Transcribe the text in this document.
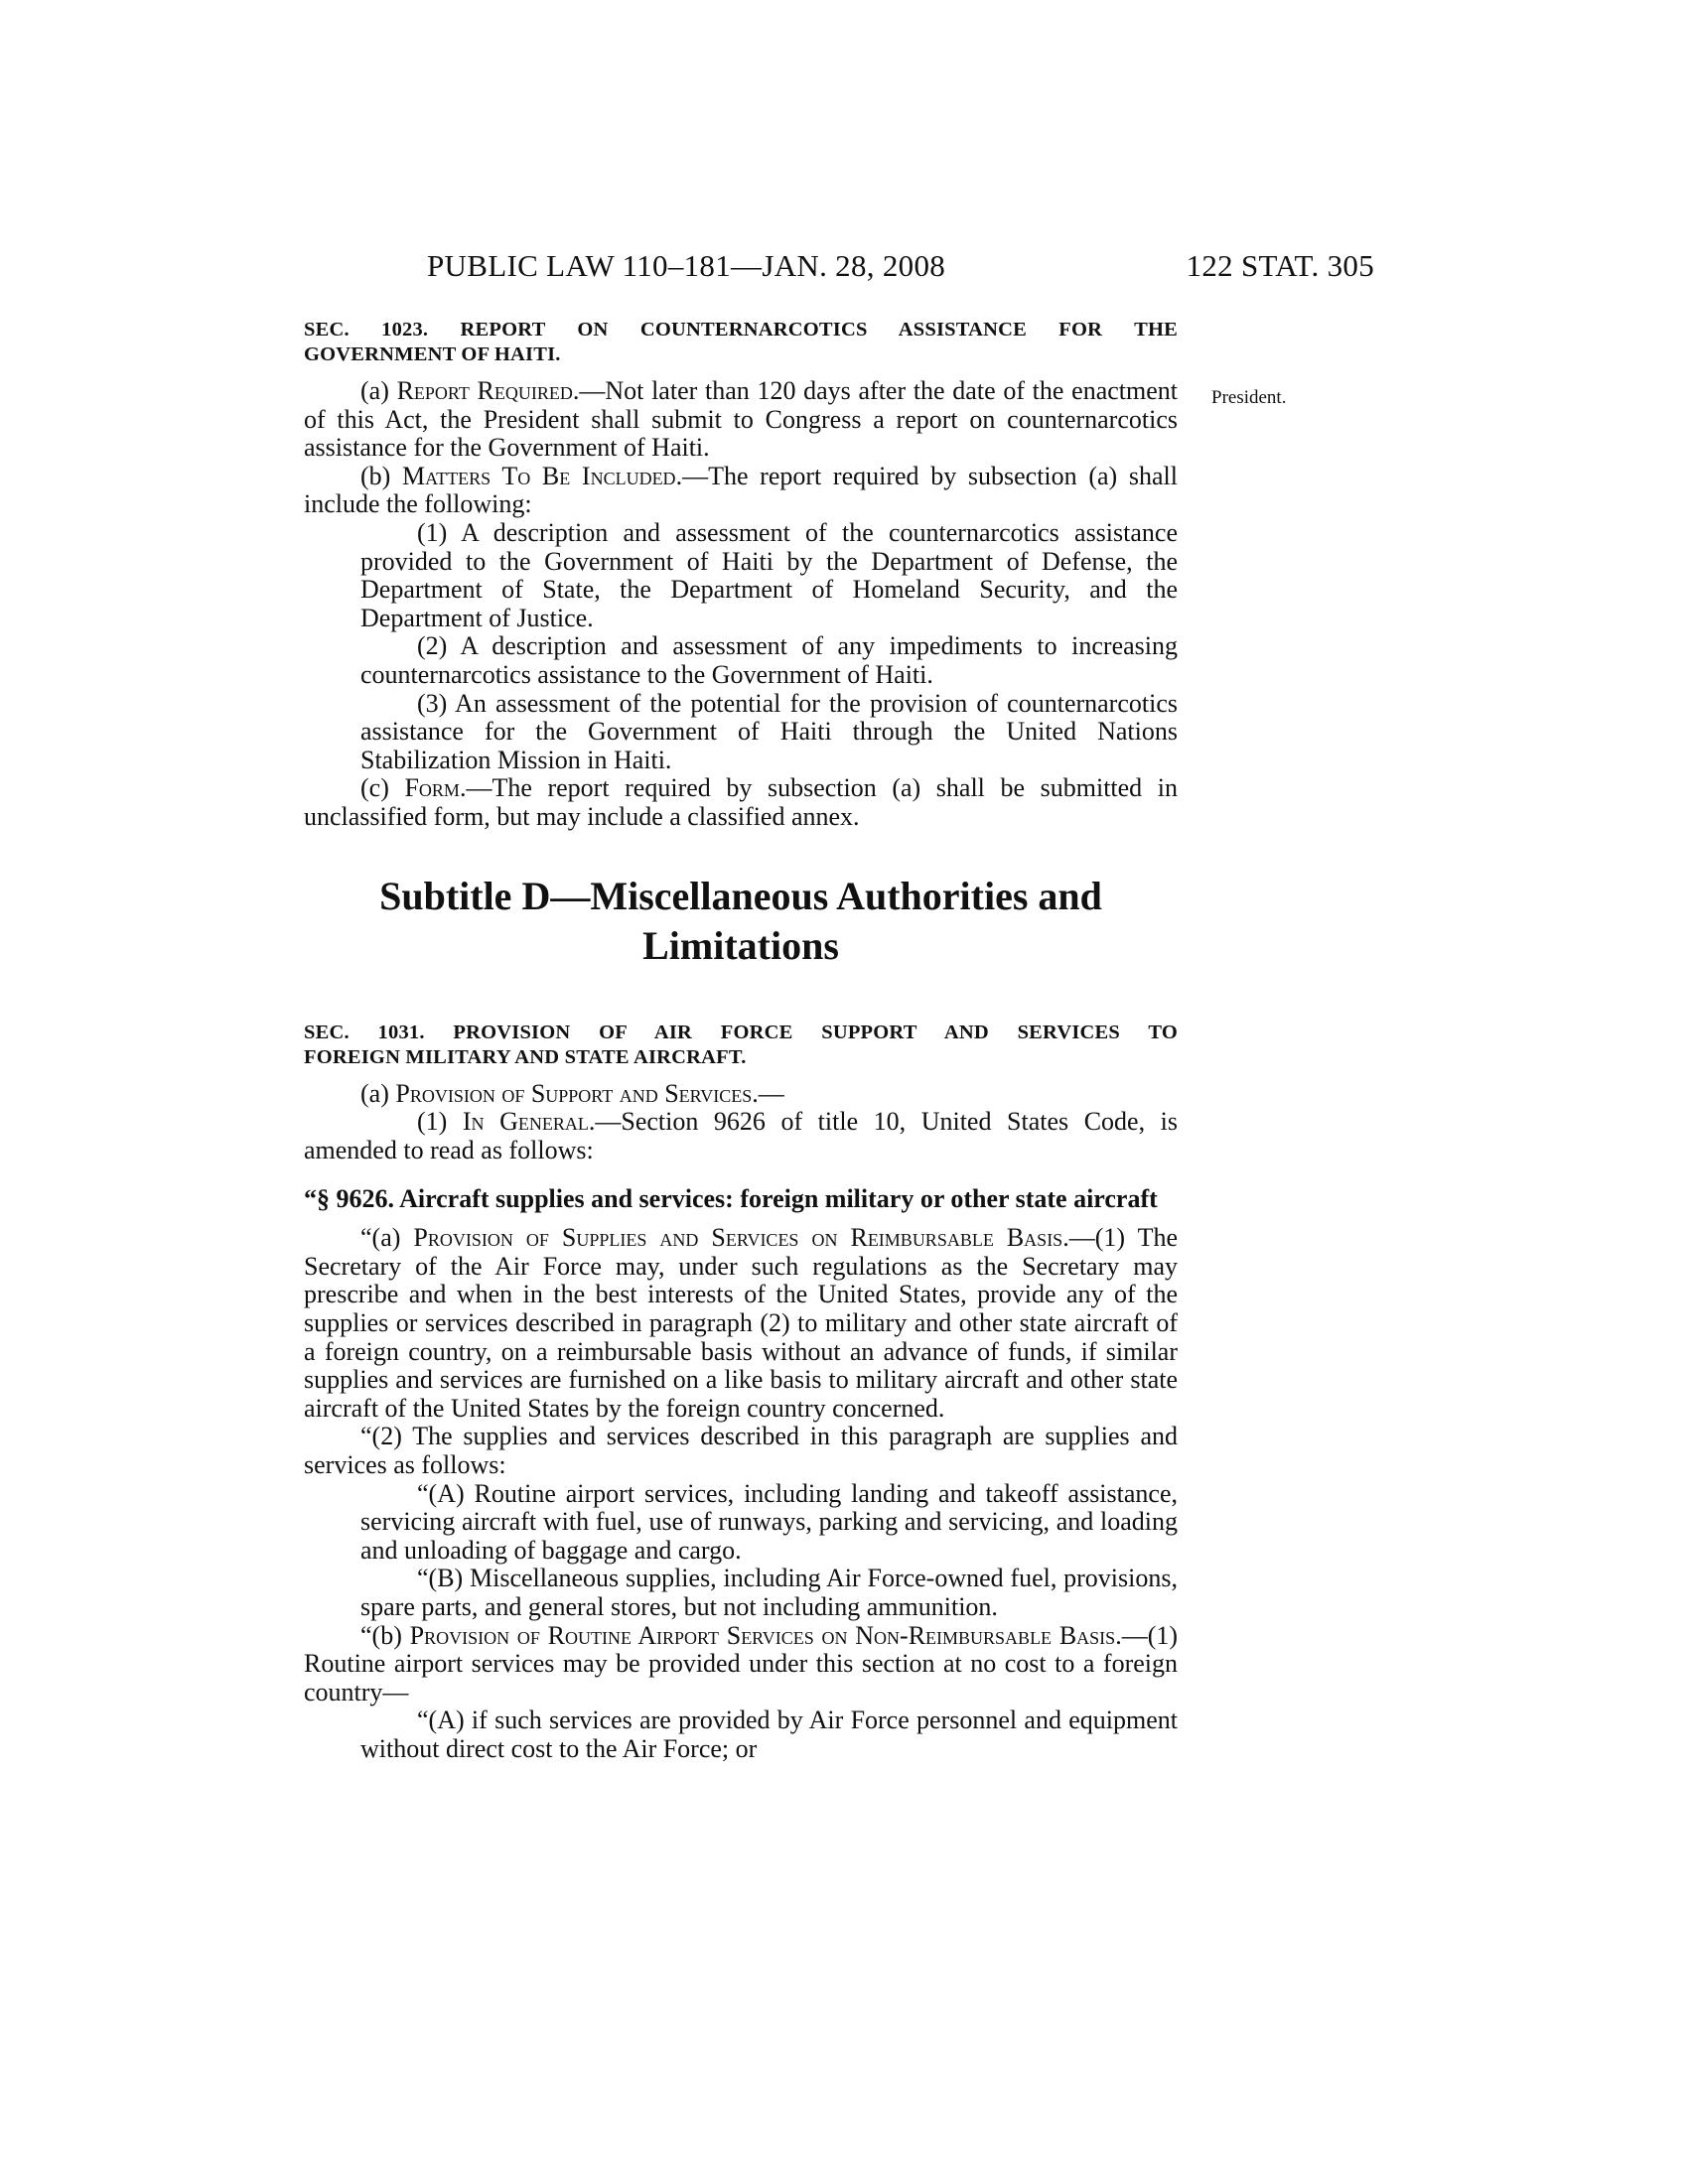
PUBLIC LAW 110–181—JAN. 28, 2008	122 STAT. 305
President.

SEC. 1023. REPORT ON COUNTERNARCOTICS ASSISTANCE FOR THE
GOVERNMENT OF HAITI.

(a) Report Required.—Not later than 120 days after the date of the enactment of this Act, the President shall submit to Congress a report on counternarcotics assistance for the Government of Haiti.

(b) Matters To Be Included.—The report required by subsection (a) shall include the following:

(1) A description and assessment of the counternarcotics assistance provided to the Government of Haiti by the Department of Defense, the Department of State, the Department of Homeland Security, and the Department of Justice.

(2) A description and assessment of any impediments to increasing counternarcotics assistance to the Government of Haiti.

(3) An assessment of the potential for the provision of counternarcotics assistance for the Government of Haiti through the United Nations Stabilization Mission in Haiti.

(c) Form.—The report required by subsection (a) shall be submitted in unclassified form, but may include a classified annex.

Subtitle D—Miscellaneous Authorities and
Limitations

SEC. 1031. PROVISION OF AIR FORCE SUPPORT AND SERVICES TO
FOREIGN MILITARY AND STATE AIRCRAFT.

(a) Provision of Support and Services.—

(1) In General.—Section 9626 of title 10, United States Code, is amended to read as follows:

“§ 9626. Aircraft supplies and services: foreign military or other state aircraft

“(a) Provision of Supplies and Services on Reimbursable Basis.—(1) The Secretary of the Air Force may, under such regulations as the Secretary may prescribe and when in the best interests of the United States, provide any of the supplies or services described in paragraph (2) to military and other state aircraft of a foreign country, on a reimbursable basis without an advance of funds, if similar supplies and services are furnished on a like basis to military aircraft and other state aircraft of the United States by the foreign country concerned.

“(2) The supplies and services described in this paragraph are supplies and services as follows:

“(A) Routine airport services, including landing and takeoff assistance, servicing aircraft with fuel, use of runways, parking and servicing, and loading and unloading of baggage and cargo.

“(B) Miscellaneous supplies, including Air Force-owned fuel, provisions, spare parts, and general stores, but not including ammunition.

“(b) Provision of Routine Airport Services on Non-Reimbursable Basis.—(1) Routine airport services may be provided under this section at no cost to a foreign country—

“(A) if such services are provided by Air Force personnel and equipment without direct cost to the Air Force; or
